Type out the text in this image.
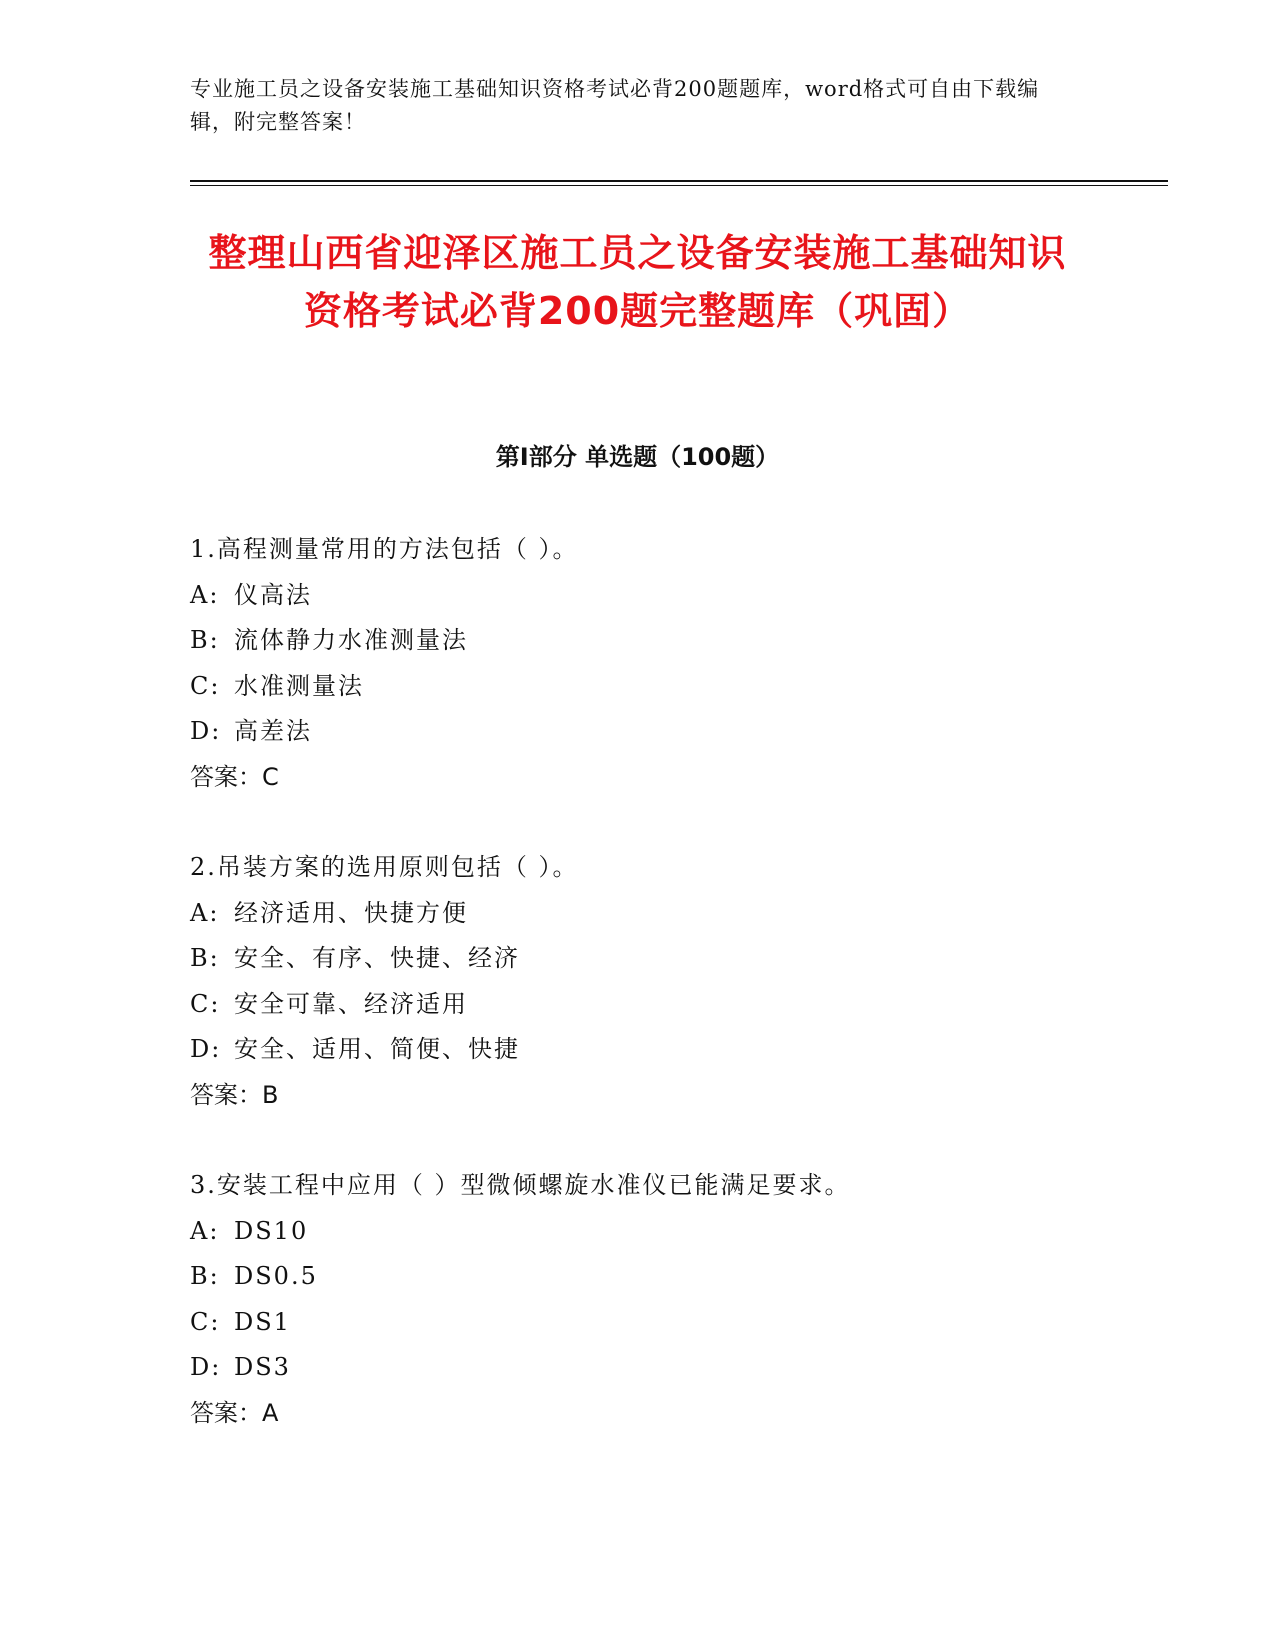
专业施工员之设备安装施工基础知识资格考试必背200题题库，word格式可自由下载编辑，附完整答案！
整理山西省迎泽区施工员之设备安装施工基础知识资格考试必背200题完整题库（巩固）
第I部分 单选题（100题）
1.高程测量常用的方法包括（ ）。
A: 仪高法
B: 流体静力水准测量法
C: 水准测量法
D: 高差法
答案：C
2.吊装方案的选用原则包括（ ）。
A: 经济适用、快捷方便
B: 安全、有序、快捷、经济
C: 安全可靠、经济适用
D: 安全、适用、简便、快捷
答案：B
3.安装工程中应用（ ）型微倾螺旋水准仪已能满足要求。
A: DS10
B: DS0.5
C: DS1
D: DS3
答案：A
